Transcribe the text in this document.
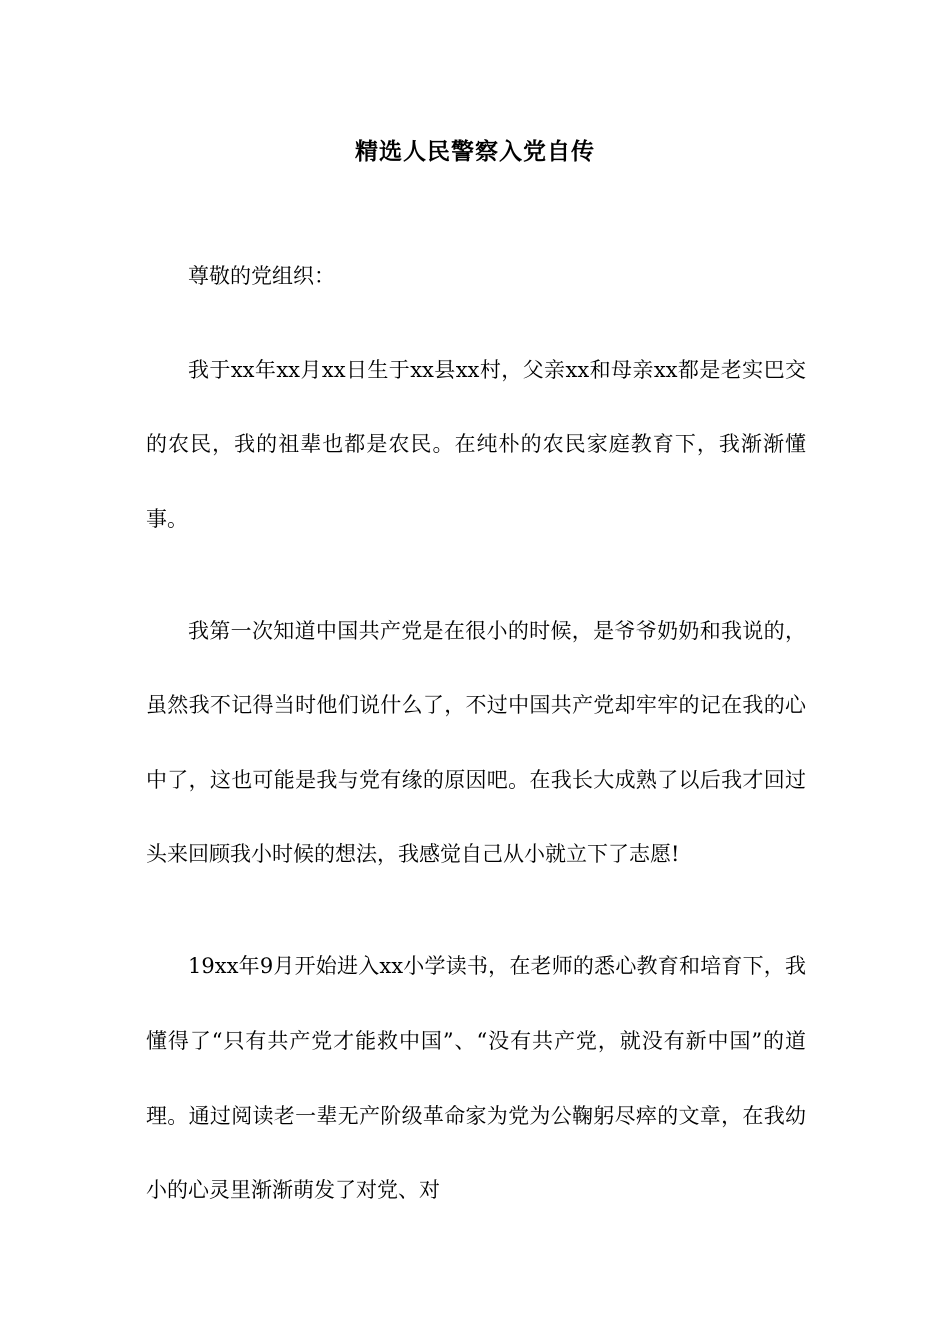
精选人民警察入党自传

尊敬的党组织：

我于xx年xx月xx日生于xx县xx村，父亲xx和母亲xx都是老实巴交的农民，我的祖辈也都是农民。在纯朴的农民家庭教育下，我渐渐懂事。

我第一次知道中国共产党是在很小的时候，是爷爷奶奶和我说的，虽然我不记得当时他们说什么了，不过中国共产党却牢牢的记在我的心中了，这也可能是我与党有缘的原因吧。在我长大成熟了以后我才回过头来回顾我小时候的想法，我感觉自己从小就立下了志愿!

19xx年9月开始进入xx小学读书，在老师的悉心教育和培育下，我懂得了“只有共产党才能救中国”、“没有共产党，就没有新中国”的道理。通过阅读老一辈无产阶级革命家为党为公鞠躬尽瘁的文章，在我幼小的心灵里渐渐萌发了对党、对
